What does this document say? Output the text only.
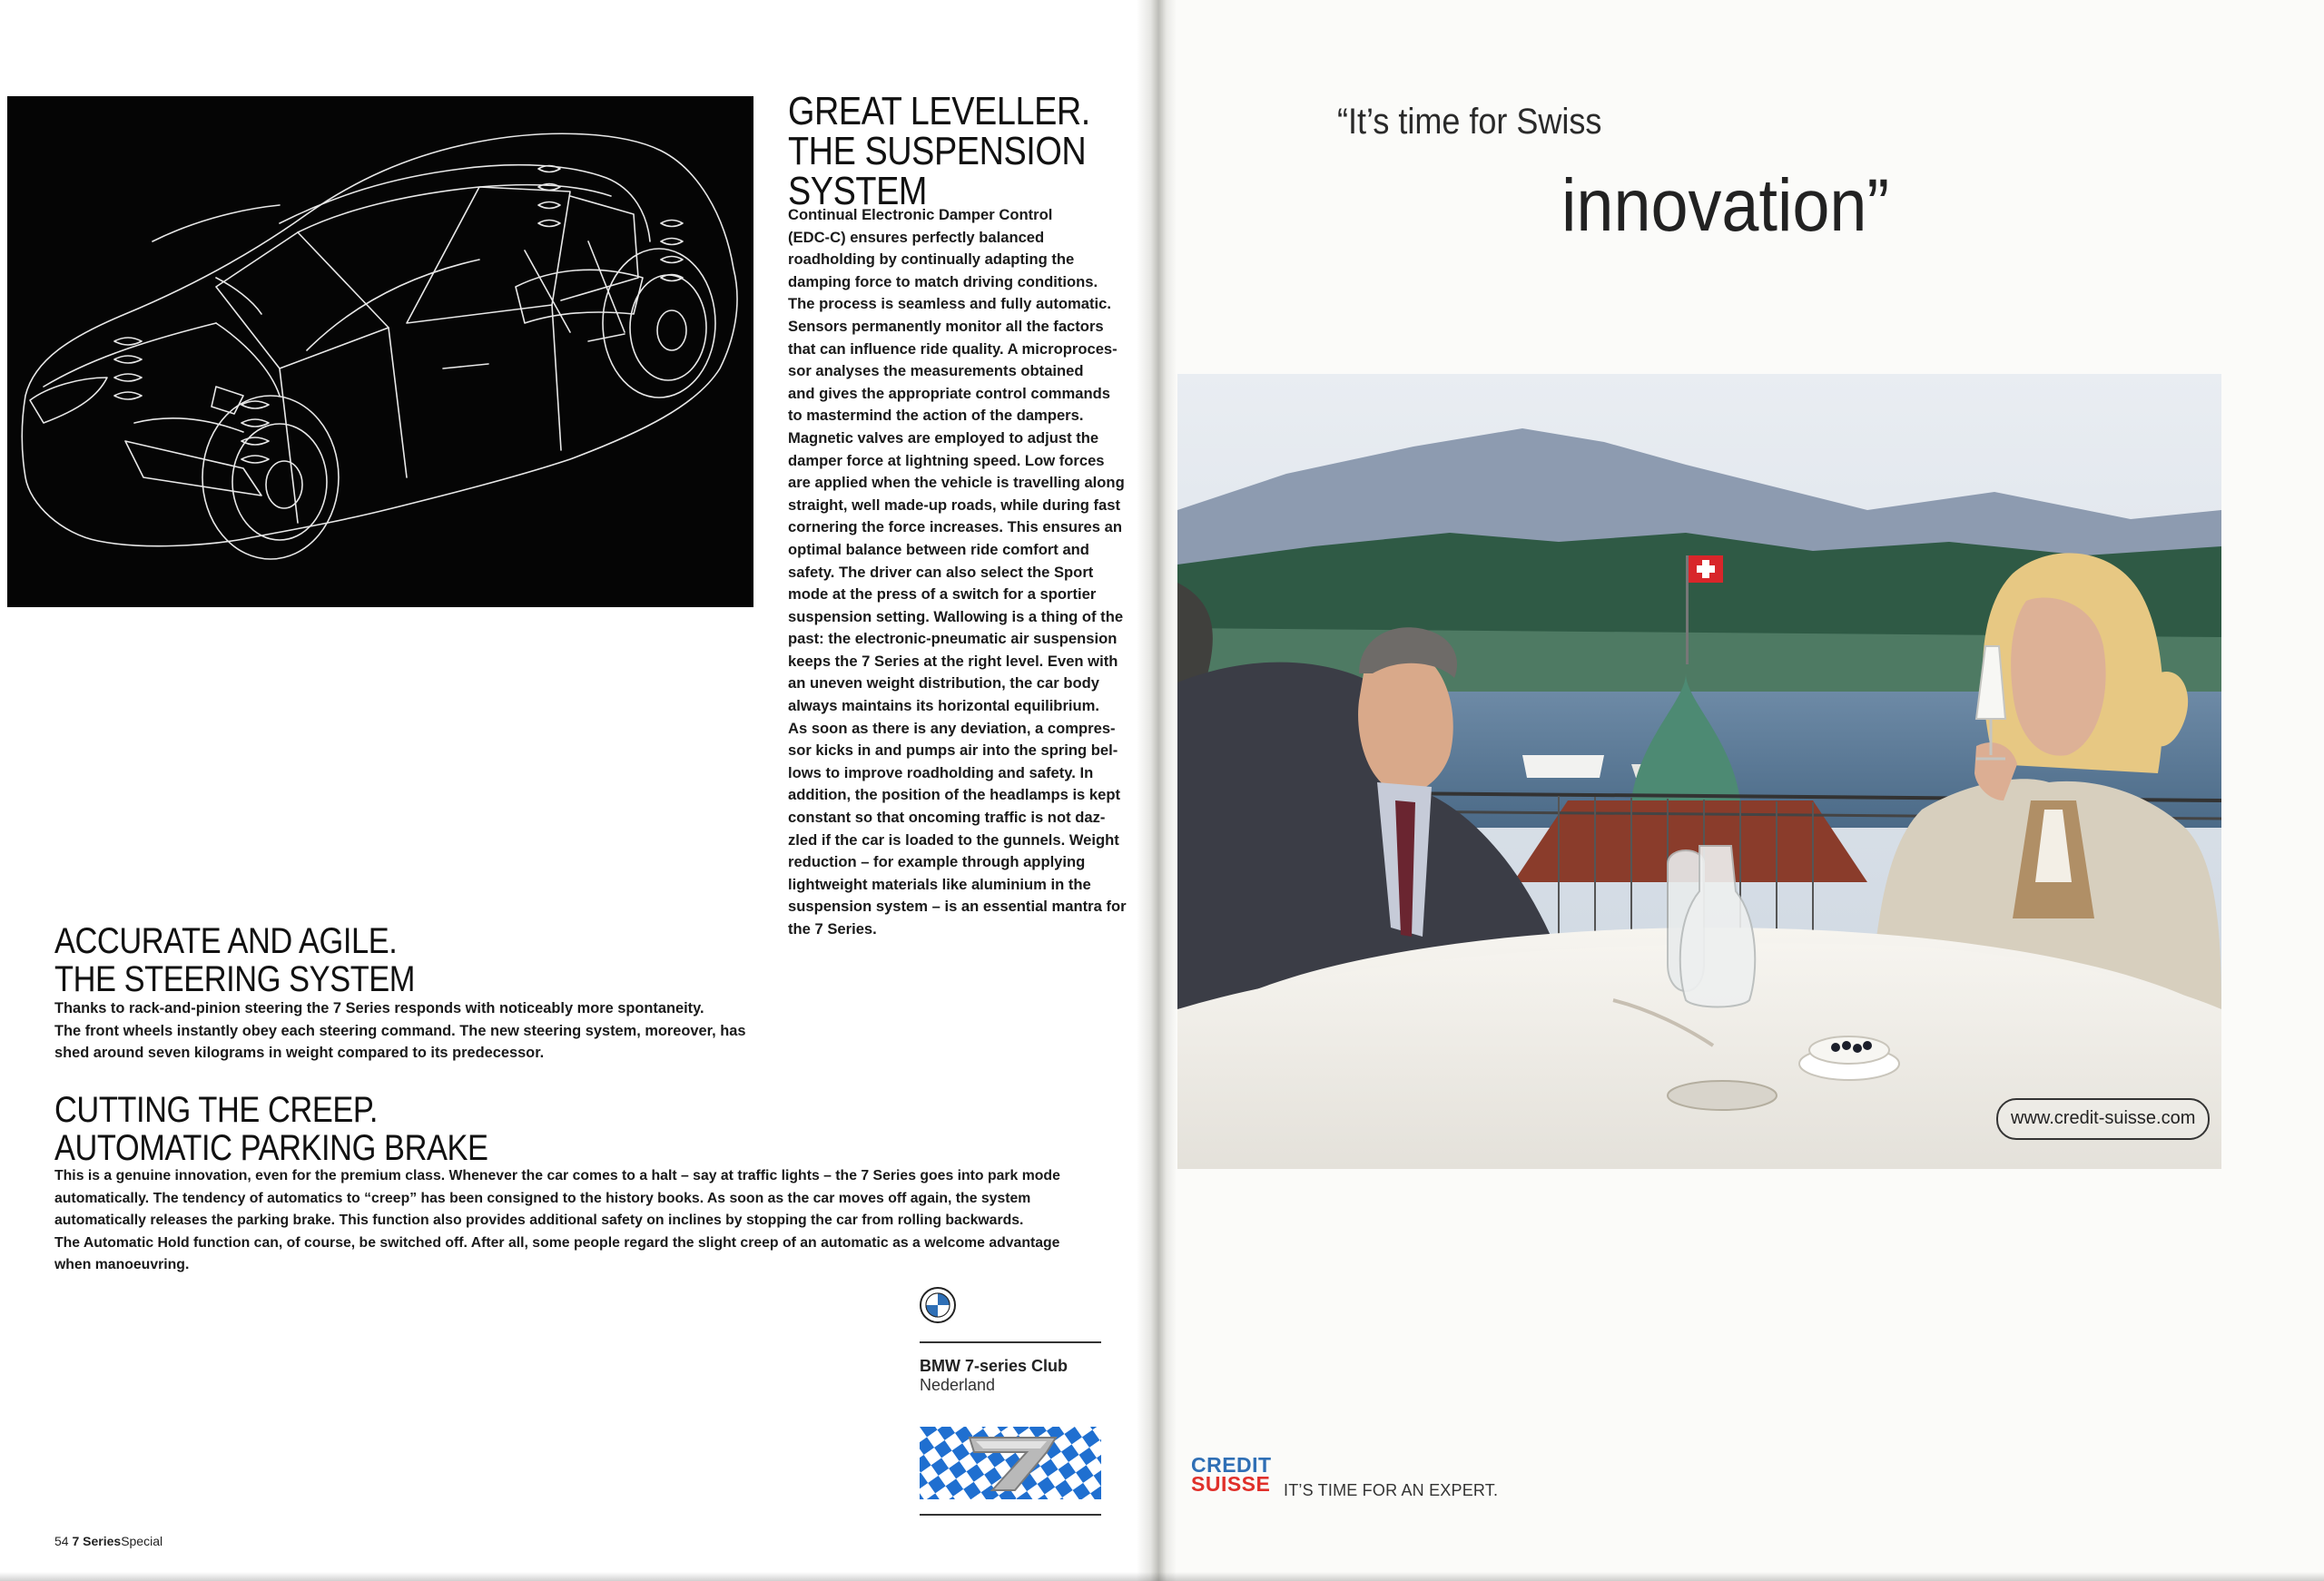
GREAT LEVELLER.
THE SUSPENSION
SYSTEM
Continual Electronic Damper Control
(EDC-C) ensures perfectly balanced
roadholding by continually adapting the
damping force to match driving conditions.
The process is seamless and fully automatic.
Sensors permanently monitor all the factors
that can influence ride quality. A microproces-
sor analyses the measurements obtained
and gives the appropriate control commands
to mastermind the action of the dampers.
Magnetic valves are employed to adjust the
damper force at lightning speed. Low forces
are applied when the vehicle is travelling along
straight, well made-up roads, while during fast
cornering the force increases. This ensures an
optimal balance between ride comfort and
safety. The driver can also select the Sport
mode at the press of a switch for a sportier
suspension setting. Wallowing is a thing of the
past: the electronic-pneumatic air suspension
keeps the 7 Series at the right level. Even with
an uneven weight distribution, the car body
always maintains its horizontal equilibrium.
As soon as there is any deviation, a compres-
sor kicks in and pumps air into the spring bel-
lows to improve roadholding and safety. In
addition, the position of the headlamps is kept
constant so that oncoming traffic is not daz-
zled if the car is loaded to the gunnels. Weight
reduction – for example through applying
lightweight materials like aluminium in the
suspension system – is an essential mantra for
the 7 Series.
ACCURATE AND AGILE.
THE STEERING SYSTEM
Thanks to rack-and-pinion steering the 7 Series responds with noticeably more spontaneity.
The front wheels instantly obey each steering command. The new steering system, moreover, has
shed around seven kilograms in weight compared to its predecessor.
CUTTING THE CREEP.
AUTOMATIC PARKING BRAKE
This is a genuine innovation, even for the premium class. Whenever the car comes to a halt – say at traffic lights – the 7 Series goes into park mode
automatically. The tendency of automatics to “creep” has been consigned to the history books. As soon as the car moves off again, the system
automatically releases the parking brake. This function also provides additional safety on inclines by stopping the car from rolling backwards.
The Automatic Hold function can, of course, be switched off. After all, some people regard the slight creep of an automatic as a welcome advantage
when manoeuvring.
BMW 7-series Club
Nederland
54 7 SeriesSpecial
“It’s time for Swiss
innovation”
www.credit-suisse.com
CREDIT
SUISSE IT’S TIME FOR AN EXPERT.
